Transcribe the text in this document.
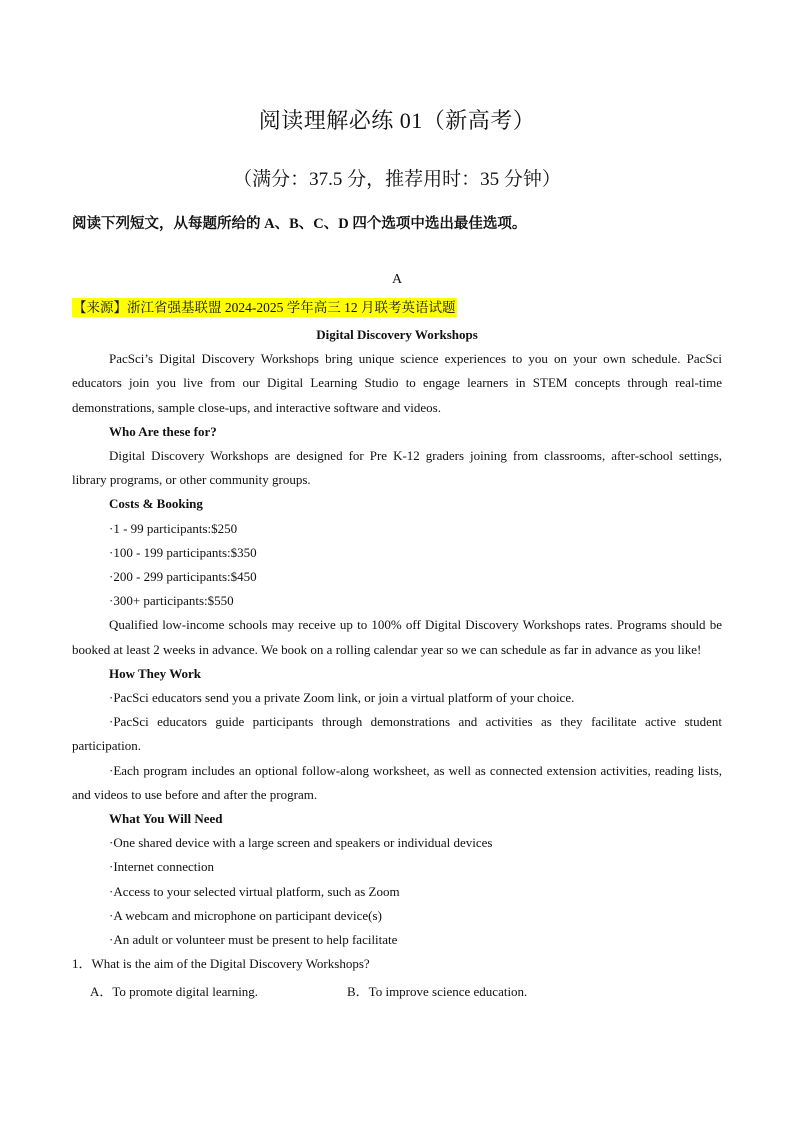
阅读理解必练 01（新高考）
（满分：37.5 分，推荐用时：35 分钟）
阅读下列短文，从每题所给的 A、B、C、D 四个选项中选出最佳选项。
A
【来源】浙江省强基联盟 2024-2025 学年高三 12 月联考英语试题

Digital Discovery Workshops

PacSci’s Digital Discovery Workshops bring unique science experiences to you on your own schedule. PacSci educators join you live from our Digital Learning Studio to engage learners in STEM concepts through real-time demonstrations, sample close-ups, and interactive software and videos.

Who Are these for?

Digital Discovery Workshops are designed for Pre K-12 graders joining from classrooms, after-school settings, library programs, or other community groups.

Costs & Booking

·1 - 99 participants:$250

·100 - 199 participants:$350

·200 - 299 participants:$450

·300+ participants:$550

Qualified low-income schools may receive up to 100% off Digital Discovery Workshops rates. Programs should be booked at least 2 weeks in advance. We book on a rolling calendar year so we can schedule as far in advance as you like!

How They Work

·PacSci educators send you a private Zoom link, or join a virtual platform of your choice.

·PacSci educators guide participants through demonstrations and activities as they facilitate active student participation.

·Each program includes an optional follow-along worksheet, as well as connected extension activities, reading lists, and videos to use before and after the program.

What You Will Need

·One shared device with a large screen and speakers or individual devices

·Internet connection

·Access to your selected virtual platform, such as Zoom

·A webcam and microphone on participant device(s)

·An adult or volunteer must be present to help facilitate

1．What is the aim of the Digital Discovery Workshops?

A．To promote digital learning.	B．To improve science education.
